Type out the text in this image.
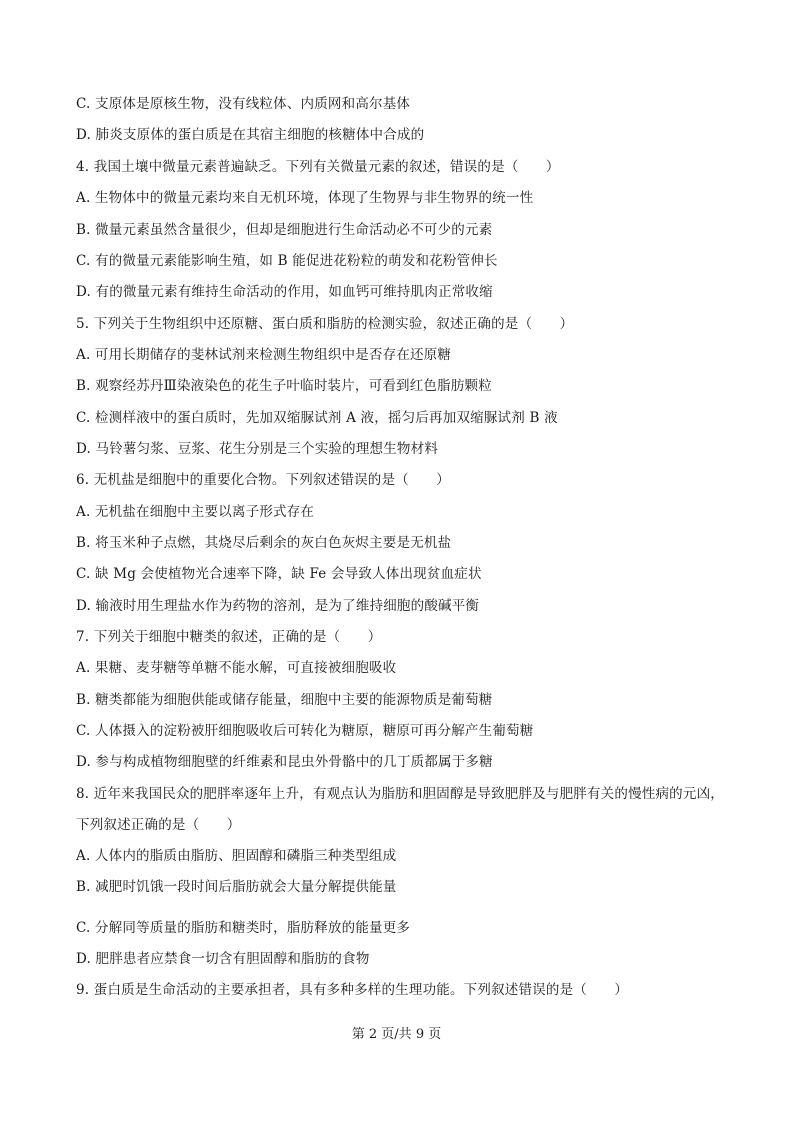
C. 支原体是原核生物，没有线粒体、内质网和高尔基体
D. 肺炎支原体的蛋白质是在其宿主细胞的核糖体中合成的
4. 我国土壤中微量元素普遍缺乏。下列有关微量元素的叙述，错误的是（　　）
A. 生物体中的微量元素均来自无机环境，体现了生物界与非生物界的统一性
B. 微量元素虽然含量很少，但却是细胞进行生命活动必不可少的元素
C. 有的微量元素能影响生殖，如 B 能促进花粉粒的萌发和花粉管伸长
D. 有的微量元素有维持生命活动的作用，如血钙可维持肌肉正常收缩
5. 下列关于生物组织中还原糖、蛋白质和脂肪的检测实验，叙述正确的是（　　）
A. 可用长期储存的斐林试剂来检测生物组织中是否存在还原糖
B. 观察经苏丹Ⅲ染液染色的花生子叶临时装片，可看到红色脂肪颗粒
C. 检测样液中的蛋白质时，先加双缩脲试剂 A 液，摇匀后再加双缩脲试剂 B 液
D. 马铃薯匀浆、豆浆、花生分别是三个实验的理想生物材料
6. 无机盐是细胞中的重要化合物。下列叙述错误的是（　　）
A. 无机盐在细胞中主要以离子形式存在
B. 将玉米种子点燃，其烧尽后剩余的灰白色灰烬主要是无机盐
C. 缺 Mg 会使植物光合速率下降，缺 Fe 会导致人体出现贫血症状
D. 输液时用生理盐水作为药物的溶剂，是为了维持细胞的酸碱平衡
7. 下列关于细胞中糖类的叙述，正确的是（　　）
A. 果糖、麦芽糖等单糖不能水解，可直接被细胞吸收
B. 糖类都能为细胞供能或储存能量，细胞中主要的能源物质是葡萄糖
C. 人体摄入的淀粉被肝细胞吸收后可转化为糖原，糖原可再分解产生葡萄糖
D. 参与构成植物细胞壁的纤维素和昆虫外骨骼中的几丁质都属于多糖
8. 近年来我国民众的肥胖率逐年上升，有观点认为脂肪和胆固醇是导致肥胖及与肥胖有关的慢性病的元凶，
下列叙述正确的是（　　）
A. 人体内的脂质由脂肪、胆固醇和磷脂三种类型组成
B. 减肥时饥饿一段时间后脂肪就会大量分解提供能量
C. 分解同等质量的脂肪和糖类时，脂肪释放的能量更多
D. 肥胖患者应禁食一切含有胆固醇和脂肪的食物
9. 蛋白质是生命活动的主要承担者，具有多种多样的生理功能。下列叙述错误的是（　　）
第 2 页/共 9 页
